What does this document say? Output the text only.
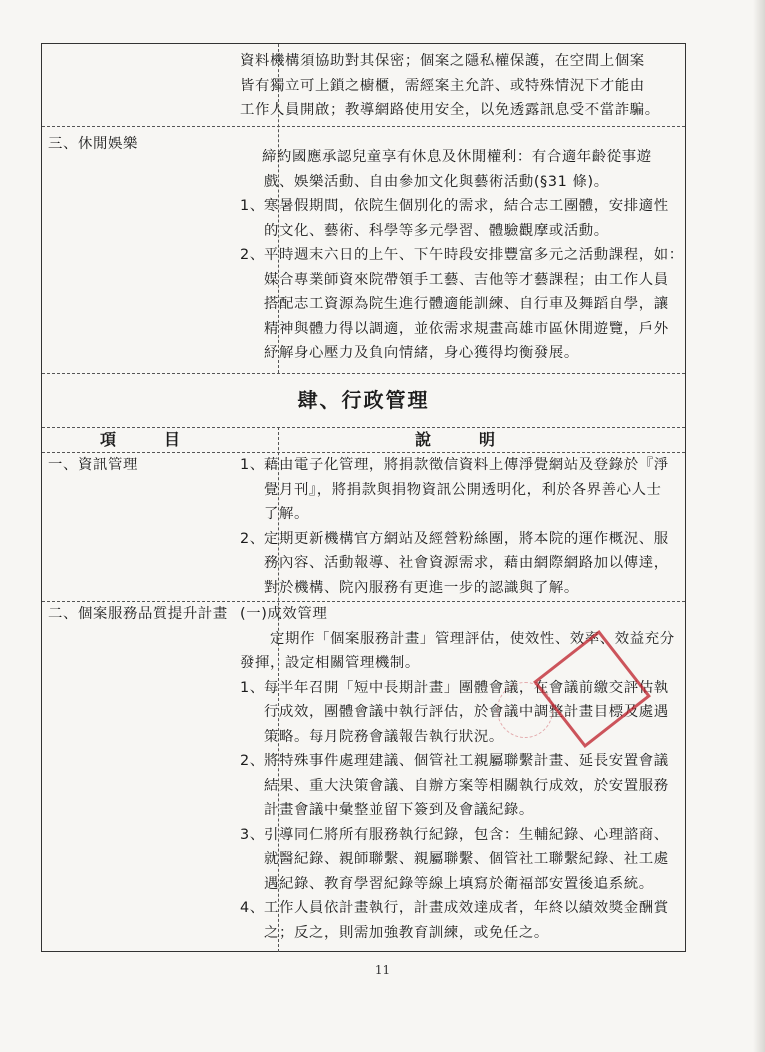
資料機構須協助對其保密；個案之隱私權保護，在空間上個案
皆有獨立可上鎖之櫥櫃，需經案主允許、或特殊情況下才能由
工作人員開啟；教導網路使用安全，以免透露訊息受不當詐騙。
三、休閒娛樂
締約國應承認兒童享有休息及休閒權利：有合適年齡從事遊
戲、娛樂活動、自由參加文化與藝術活動(§31 條)。
1、 寒暑假期間，依院生個別化的需求，結合志工團體，安排適性
的文化、藝術、科學等多元學習、體驗觀摩或活動。
2、 平時週末六日的上午、下午時段安排豐富多元之活動課程，如：
媒合專業師資來院帶領手工藝、吉他等才藝課程；由工作人員
搭配志工資源為院生進行體適能訓練、自行車及舞蹈自學，讓
精神與體力得以調適，並依需求規畫高雄市區休閒遊覽，戶外
紓解身心壓力及負向情緒，身心獲得均衡發展。
肆、行政管理
項　　　目	說　　　明
一、資訊管理	1、 藉由電子化管理，將捐款徵信資料上傳淨覺網站及登錄於『淨
覺月刊』，將捐款與捐物資訊公開透明化，利於各界善心人士
了解。
2、 定期更新機構官方網站及經營粉絲團，將本院的運作概況、服
務內容、活動報導、社會資源需求，藉由網際網路加以傳達，
對於機構、院內服務有更進一步的認識與了解。
二、個案服務品質提升計畫 (一)成效管理
定期作「個案服務計畫」管理評估，使效性、效率、效益充分
發揮，設定相關管理機制。
1、 每半年召開「短中長期計畫」團體會議，在會議前繳交評估執
行成效，團體會議中執行評估，於會議中調整計畫目標及處遇
策略。每月院務會議報告執行狀況。
2、 將特殊事件處理建議、個管社工親屬聯繫計畫、延長安置會議
結果、重大決策會議、自辦方案等相關執行成效，於安置服務
計畫會議中彙整並留下簽到及會議紀錄。
3、 引導同仁將所有服務執行紀錄，包含：生輔紀錄、心理諮商、
就醫紀錄、親師聯繫、親屬聯繫、個管社工聯繫紀錄、社工處
遇紀錄、教育學習紀錄等線上填寫於衛福部安置後追系統。
4、 工作人員依計畫執行，計畫成效達成者，年終以績效獎金酬賞
之；反之，則需加強教育訓練，或免任之。
11
